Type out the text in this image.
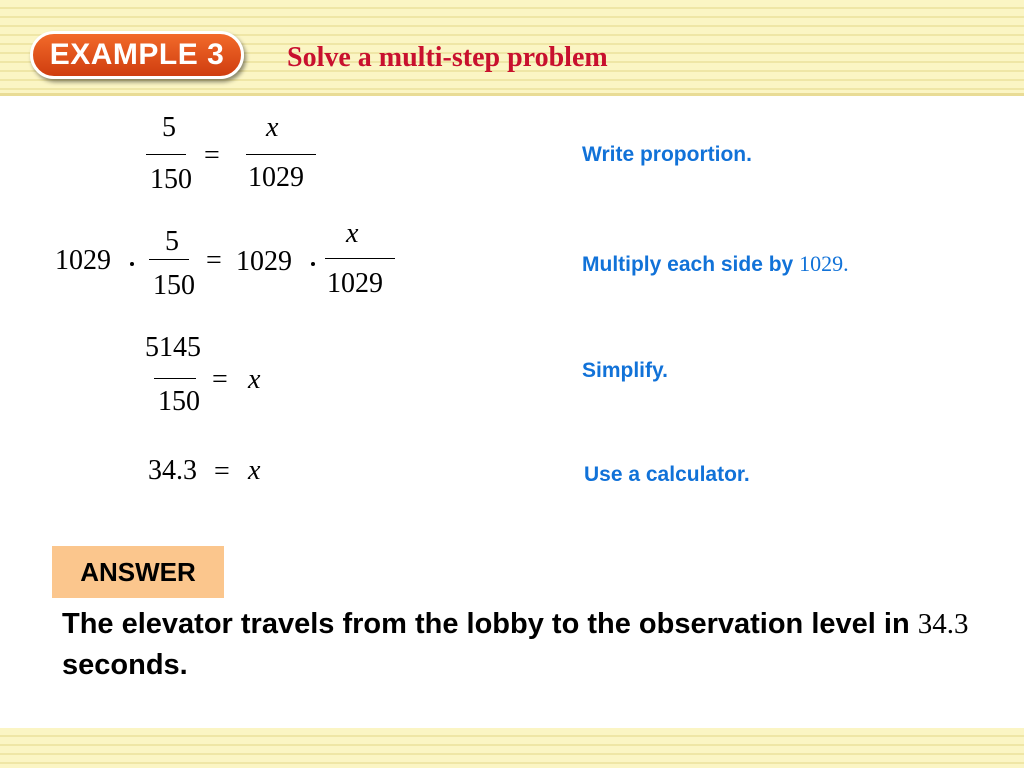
EXAMPLE 3	Solve a multi-step problem
5
150
=
x
1029
Write proportion.
1029
5
150
= 1029
x
1029
Multiply each side by 1029.
5145
150
= x	Simplify.
34.3 = x	Use a calculator.
ANSWER
The elevator travels from the lobby to the observation level in 34.3 seconds.
